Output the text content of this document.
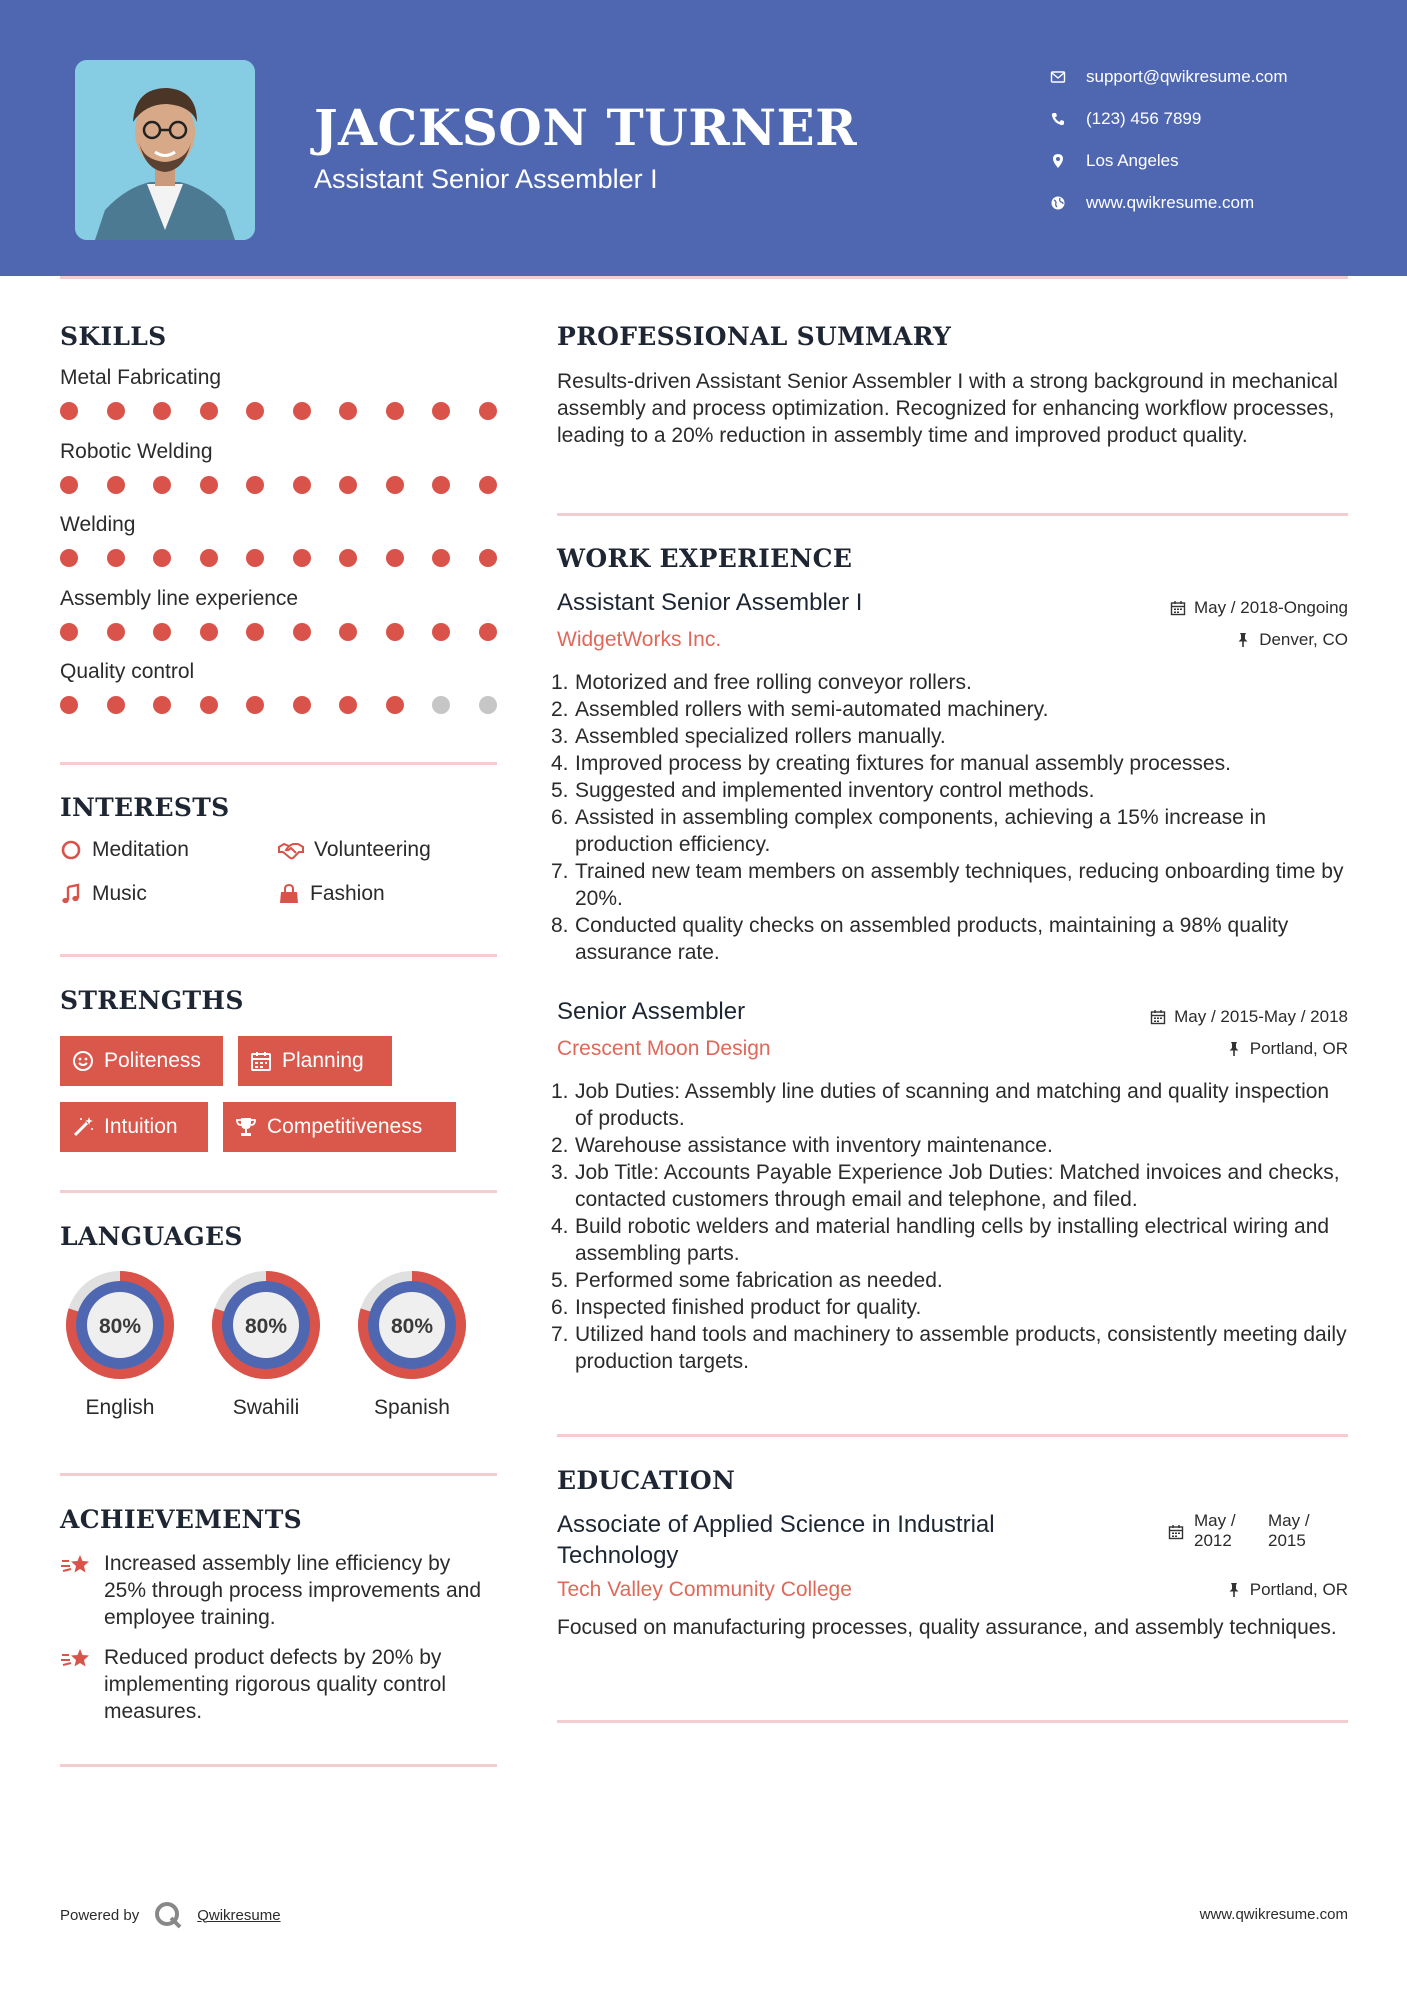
JACKSON TURNER
Assistant Senior Assembler I
support@qwikresume.com
(123) 456 7899
Los Angeles
www.qwikresume.com
SKILLS
Metal Fabricating
Robotic Welding
Welding
Assembly line experience
Quality control
INTERESTS
Meditation	Volunteering
Music	Fashion
STRENGTHS
Politeness	Planning
Intuition	Competitiveness
LANGUAGES
80%
English
80%
Swahili
80%
Spanish
ACHIEVEMENTS
Increased assembly line efficiency by 25% through process improvements and employee training.
Reduced product defects by 20% by implementing rigorous quality control measures.
PROFESSIONAL SUMMARY
Results-driven Assistant Senior Assembler I with a strong background in mechanical assembly and process optimization. Recognized for enhancing workflow processes, leading to a 20% reduction in assembly time and improved product quality.
WORK EXPERIENCE
Assistant Senior Assembler I	May / 2018-Ongoing
WidgetWorks Inc.	Denver, CO
1. Motorized and free rolling conveyor rollers.
2. Assembled rollers with semi-automated machinery.
3. Assembled specialized rollers manually.
4. Improved process by creating fixtures for manual assembly processes.
5. Suggested and implemented inventory control methods.
6. Assisted in assembling complex components, achieving a 15% increase in production efficiency.
7. Trained new team members on assembly techniques, reducing onboarding time by 20%.
8. Conducted quality checks on assembled products, maintaining a 98% quality assurance rate.
Senior Assembler	May / 2015-May / 2018
Crescent Moon Design	Portland, OR
1. Job Duties: Assembly line duties of scanning and matching and quality inspection of products.
2. Warehouse assistance with inventory maintenance.
3. Job Title: Accounts Payable Experience Job Duties: Matched invoices and checks, contacted customers through email and telephone, and filed.
4. Build robotic welders and material handling cells by installing electrical wiring and assembling parts.
5. Performed some fabrication as needed.
6. Inspected finished product for quality.
7. Utilized hand tools and machinery to assemble products, consistently meeting daily production targets.
EDUCATION
Associate of Applied Science in Industrial
Technology
May /
2012
May /
2015
Tech Valley Community College	Portland, OR
Focused on manufacturing processes, quality assurance, and assembly techniques.
Powered by	Qwikresume	www.qwikresume.com
